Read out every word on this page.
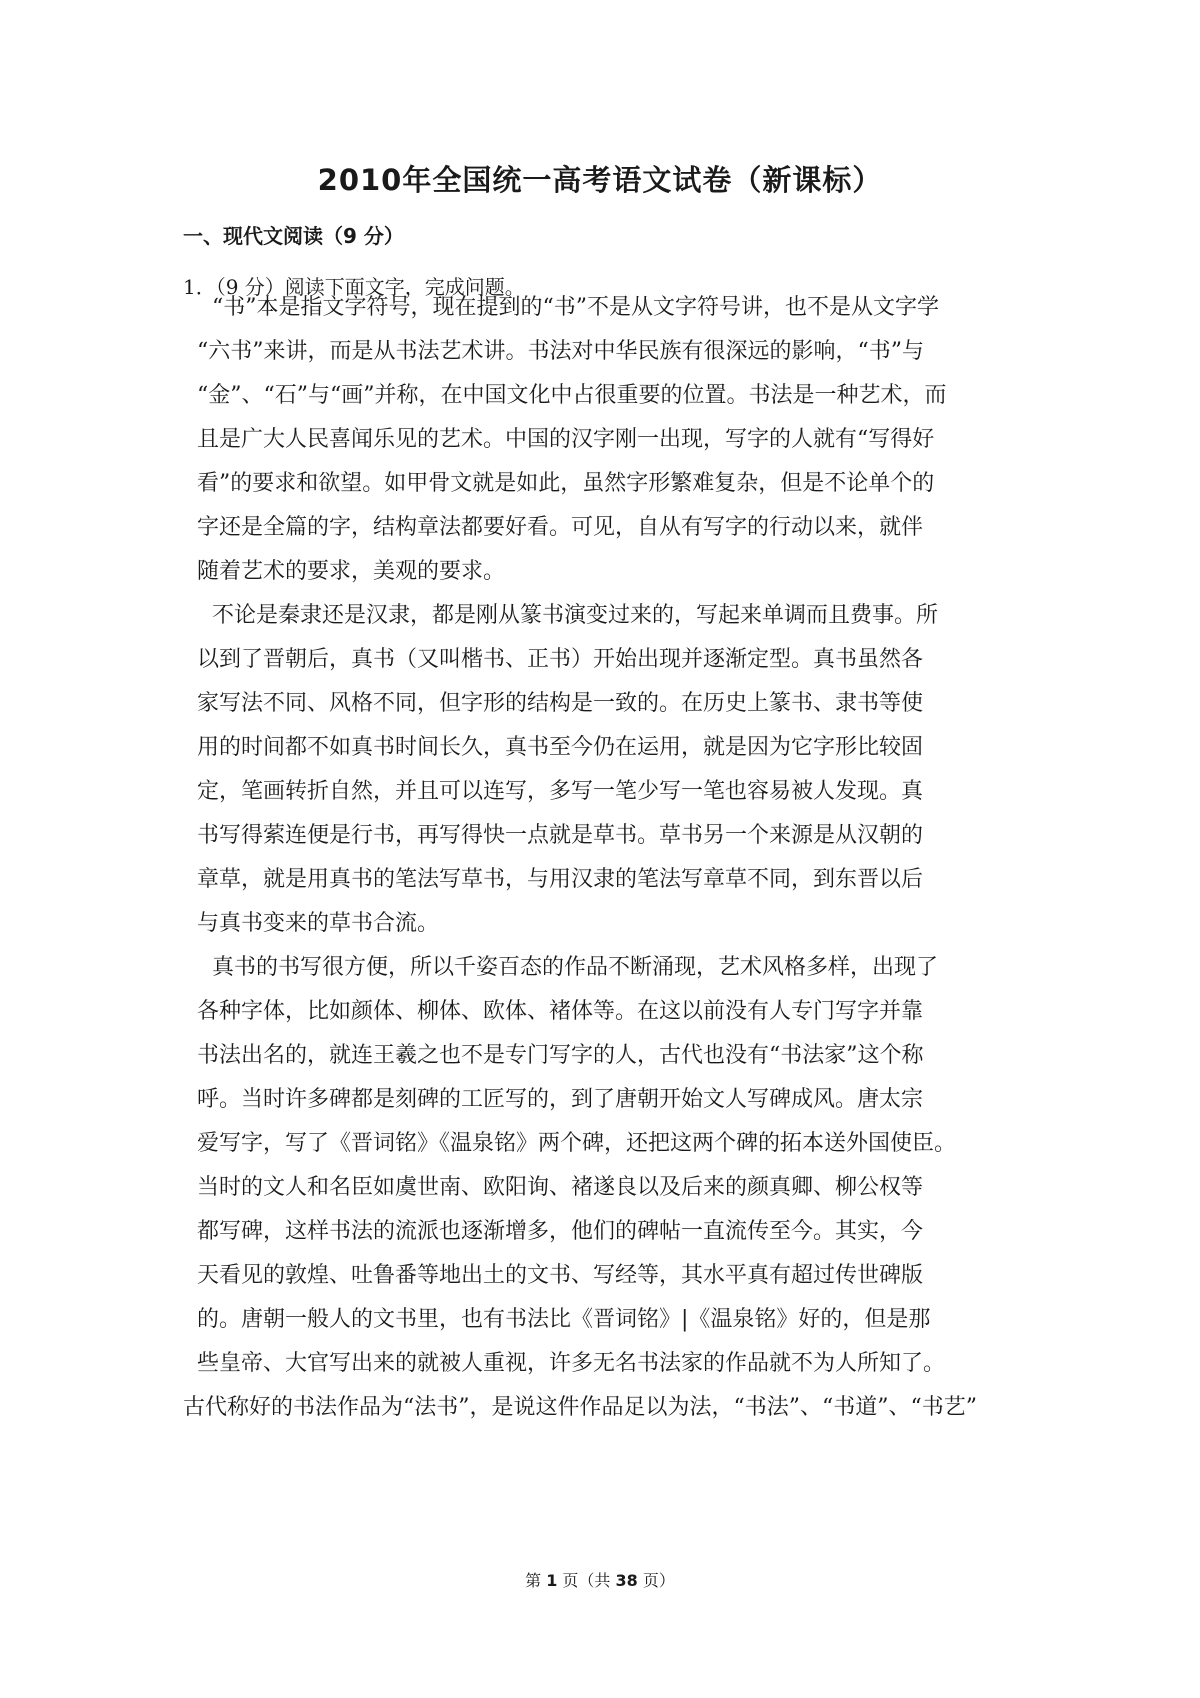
2010年全国统一高考语文试卷（新课标）
一、现代文阅读（9 分）

1．（9 分）阅读下面文字，完成问题。

“书”本是指文字符号，现在提到的“书”不是从文字符号讲，也不是从文字学

“六书”来讲，而是从书法艺术讲。书法对中华民族有很深远的影响，“书”与

“金”、“石”与“画”并称，在中国文化中占很重要的位置。书法是一种艺术，而

且是广大人民喜闻乐见的艺术。中国的汉字刚一出现，写字的人就有“写得好

看”的要求和欲望。如甲骨文就是如此，虽然字形繁难复杂，但是不论单个的

字还是全篇的字，结构章法都要好看。可见，自从有写字的行动以来，就伴

随着艺术的要求，美观的要求。

不论是秦隶还是汉隶，都是刚从篆书演变过来的，写起来单调而且费事。所

以到了晋朝后，真书（又叫楷书、正书）开始出现并逐渐定型。真书虽然各

家写法不同、风格不同，但字形的结构是一致的。在历史上篆书、隶书等使

用的时间都不如真书时间长久，真书至今仍在运用，就是因为它字形比较固

定，笔画转折自然，并且可以连写，多写一笔少写一笔也容易被人发现。真

书写得萦连便是行书，再写得快一点就是草书。草书另一个来源是从汉朝的

章草，就是用真书的笔法写草书，与用汉隶的笔法写章草不同，到东晋以后

与真书变来的草书合流。

真书的书写很方便，所以千姿百态的作品不断涌现，艺术风格多样，出现了

各种字体，比如颜体、柳体、欧体、褚体等。在这以前没有人专门写字并靠

书法出名的，就连王羲之也不是专门写字的人，古代也没有“书法家”这个称

呼。当时许多碑都是刻碑的工匠写的，到了唐朝开始文人写碑成风。唐太宗

爱写字，写了《晋词铭》《温泉铭》两个碑，还把这两个碑的拓本送外国使臣。

当时的文人和名臣如虞世南、欧阳询、褚遂良以及后来的颜真卿、柳公权等

都写碑，这样书法的流派也逐渐增多，他们的碑帖一直流传至今。其实，今

天看见的敦煌、吐鲁番等地出土的文书、写经等，其水平真有超过传世碑版

的。唐朝一般人的文书里，也有书法比《晋词铭》|《温泉铭》好的，但是那

些皇帝、大官写出来的就被人重视，许多无名书法家的作品就不为人所知了。

古代称好的书法作品为“法书”，是说这件作品足以为法，“书法”、“书道”、“书艺”

第 1 页（共 38 页）
